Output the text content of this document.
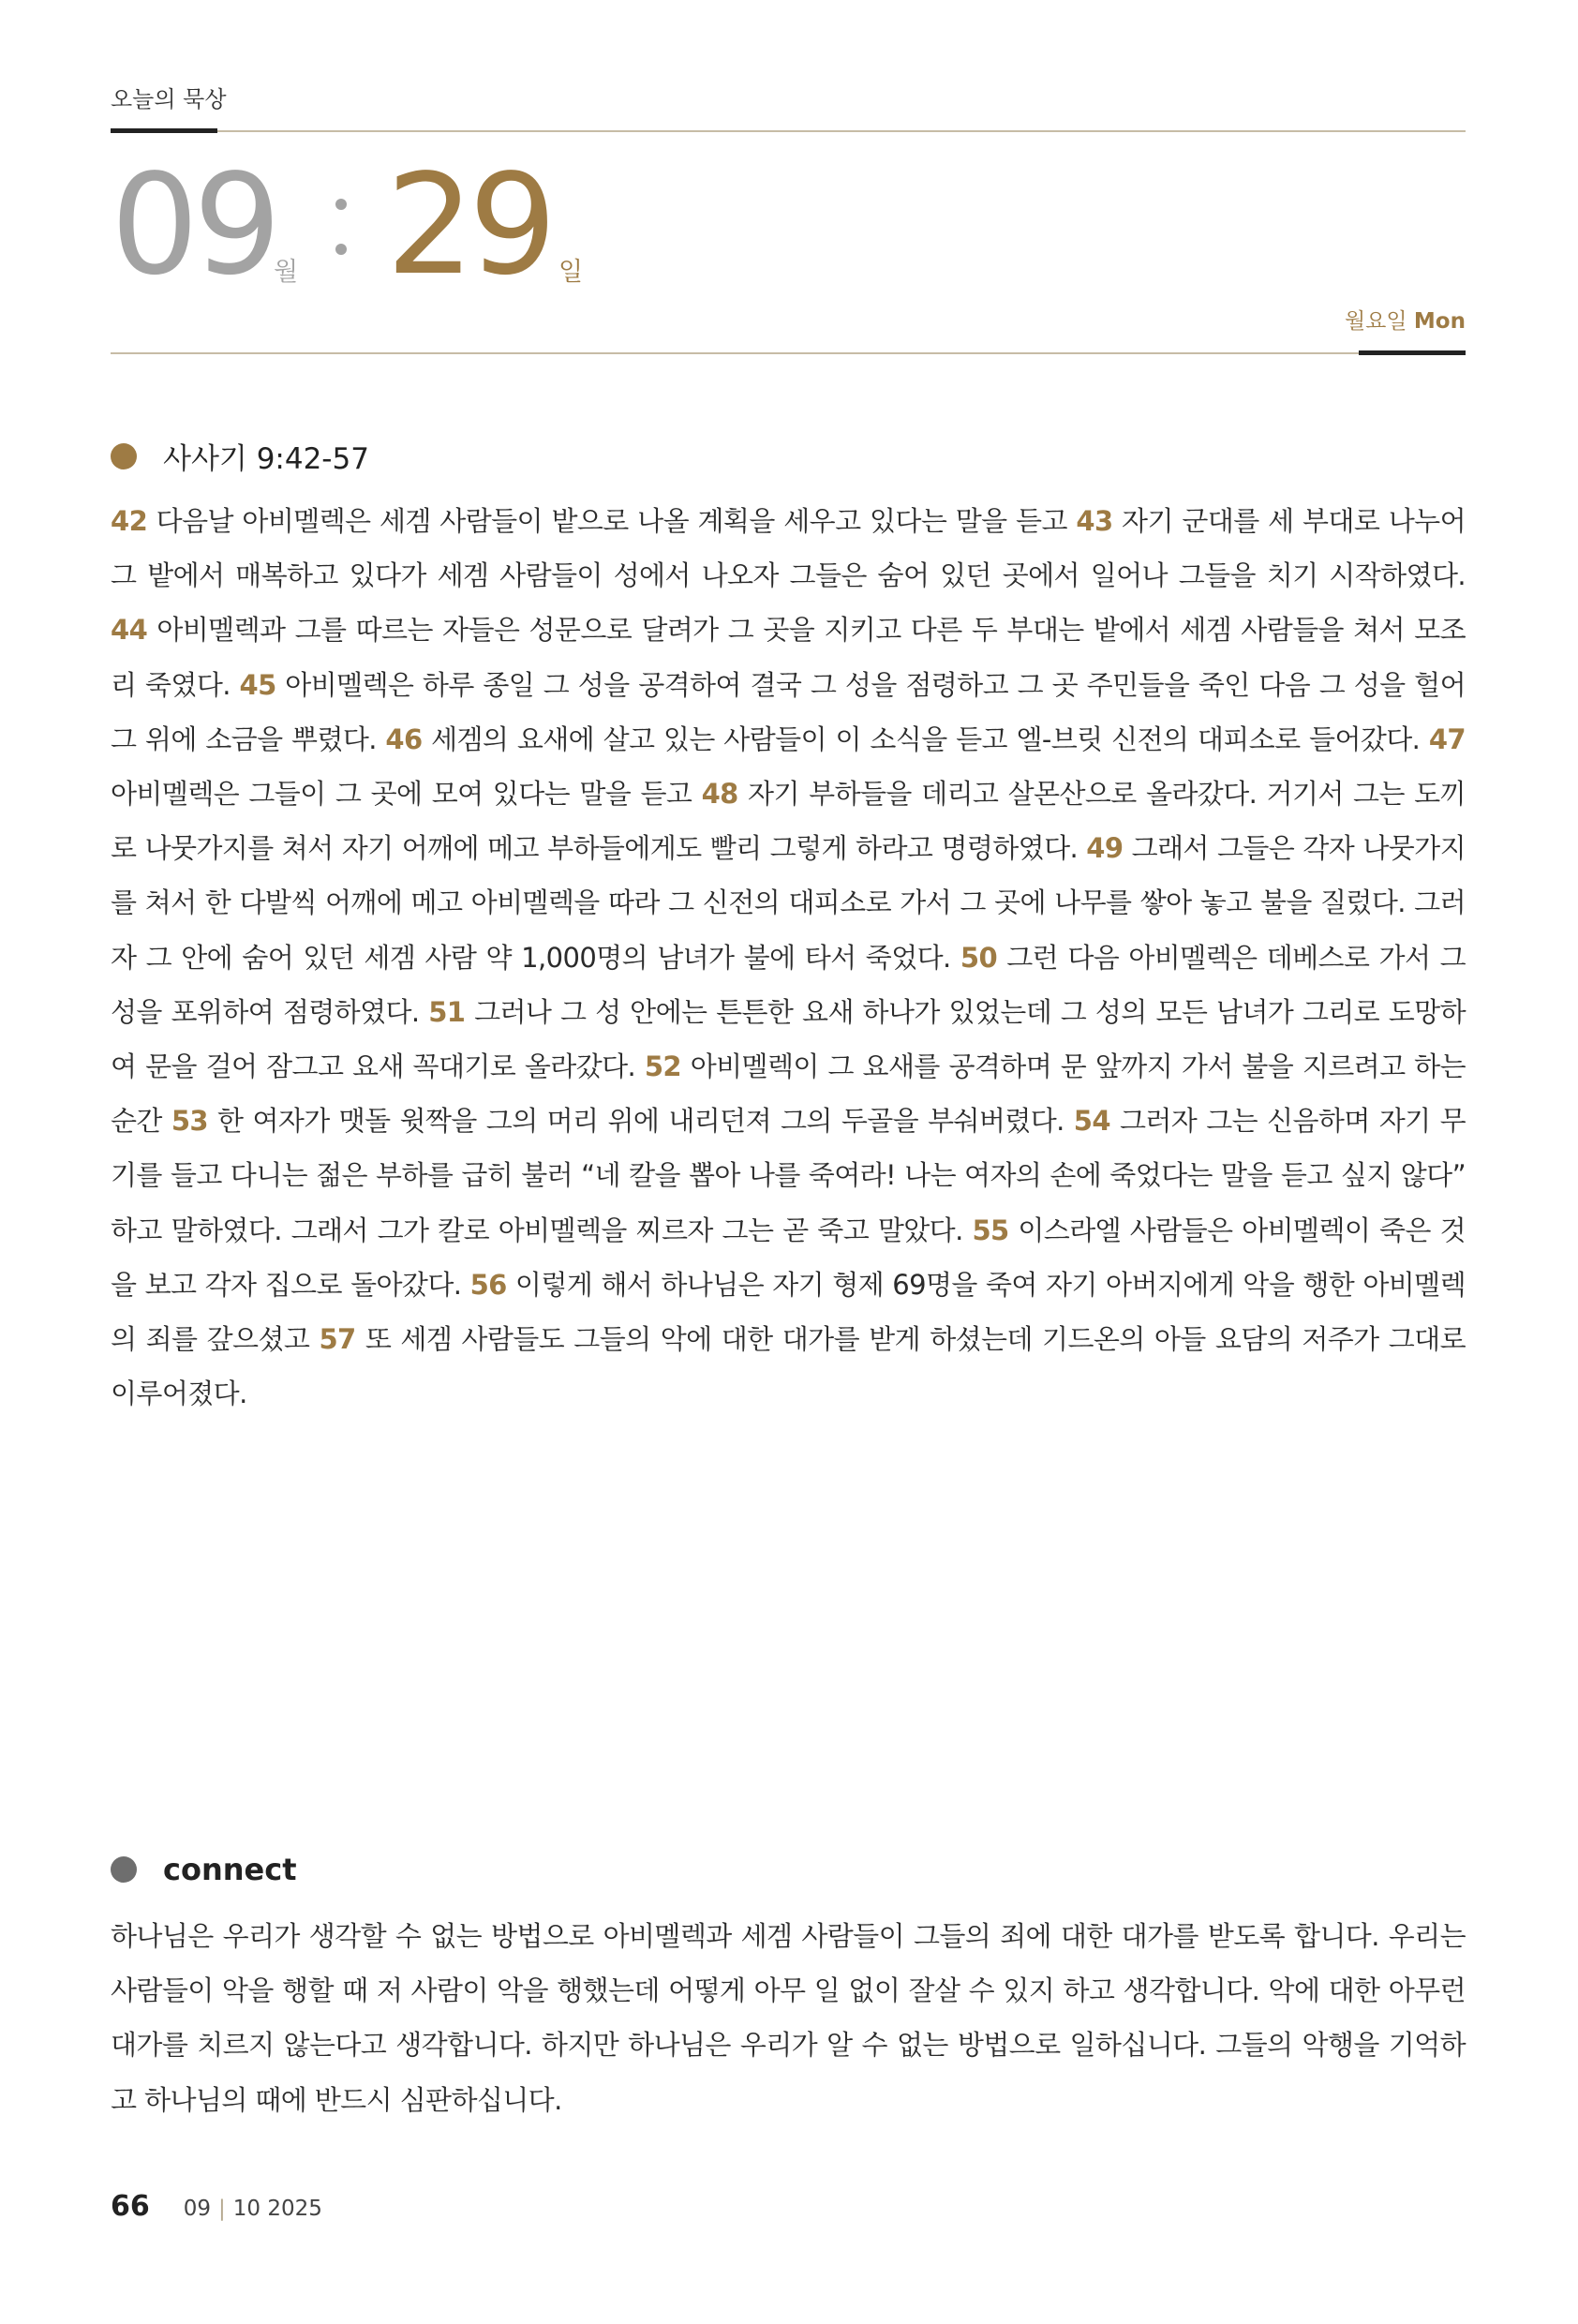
오늘의 묵상
09
월 29 일
월요일 Mon
사사기 9:42-57

42 다음날 아비멜렉은 세겜 사람들이 밭으로 나올 계획을 세우고 있다는 말을 듣고 43 자기 군대를 세 부대로 나누어 그 밭에서 매복하고 있다가 세겜 사람들이 성에서 나오자 그들은 숨어 있던 곳에서 일어나 그들을 치기 시작하였다. 44 아비멜렉과 그를 따르는 자들은 성문으로 달려가 그 곳을 지키고 다른 두 부대는 밭에서 세겜 사람들을 쳐서 모조리 죽였다. 45 아비멜렉은 하루 종일 그 성을 공격하여 결국 그 성을 점령하고 그 곳 주민들을 죽인 다음 그 성을 헐어 그 위에 소금을 뿌렸다. 46 세겜의 요새에 살고 있는 사람들이 이 소식을 듣고 엘-브릿 신전의 대피소로 들어갔다. 47 아비멜렉은 그들이 그 곳에 모여 있다는 말을 듣고 48 자기 부하들을 데리고 살몬산으로 올라갔다. 거기서 그는 도끼로 나뭇가지를 쳐서 자기 어깨에 메고 부하들에게도 빨리 그렇게 하라고 명령하였다. 49 그래서 그들은 각자 나뭇가지를 쳐서 한 다발씩 어깨에 메고 아비멜렉을 따라 그 신전의 대피소로 가서 그 곳에 나무를 쌓아 놓고 불을 질렀다. 그러자 그 안에 숨어 있던 세겜 사람 약 1,000명의 남녀가 불에 타서 죽었다. 50 그런 다음 아비멜렉은 데베스로 가서 그 성을 포위하여 점령하였다. 51 그러나 그 성 안에는 튼튼한 요새 하나가 있었는데 그 성의 모든 남녀가 그리로 도망하여 문을 걸어 잠그고 요새 꼭대기로 올라갔다. 52 아비멜렉이 그 요새를 공격하며 문 앞까지 가서 불을 지르려고 하는 순간 53 한 여자가 맷돌 윗짝을 그의 머리 위에 내리던져 그의 두골을 부숴버렸다. 54 그러자 그는 신음하며 자기 무기를 들고 다니는 젊은 부하를 급히 불러 “네 칼을 뽑아 나를 죽여라! 나는 여자의 손에 죽었다는 말을 듣고 싶지 않다” 하고 말하였다. 그래서 그가 칼로 아비멜렉을 찌르자 그는 곧 죽고 말았다. 55 이스라엘 사람들은 아비멜렉이 죽은 것을 보고 각자 집으로 돌아갔다. 56 이렇게 해서 하나님은 자기 형제 69명을 죽여 자기 아버지에게 악을 행한 아비멜렉의 죄를 갚으셨고 57 또 세겜 사람들도 그들의 악에 대한 대가를 받게 하셨는데 기드온의 아들 요담의 저주가 그대로 이루어졌다.

connect

하나님은 우리가 생각할 수 없는 방법으로 아비멜렉과 세겜 사람들이 그들의 죄에 대한 대가를 받도록 합니다. 우리는 사람들이 악을 행할 때 저 사람이 악을 행했는데 어떻게 아무 일 없이 잘살 수 있지 하고 생각합니다. 악에 대한 아무런 대가를 치르지 않는다고 생각합니다. 하지만 하나님은 우리가 알 수 없는 방법으로 일하십니다. 그들의 악행을 기억하고 하나님의 때에 반드시 심판하십니다.

66 09 | 10 2025
